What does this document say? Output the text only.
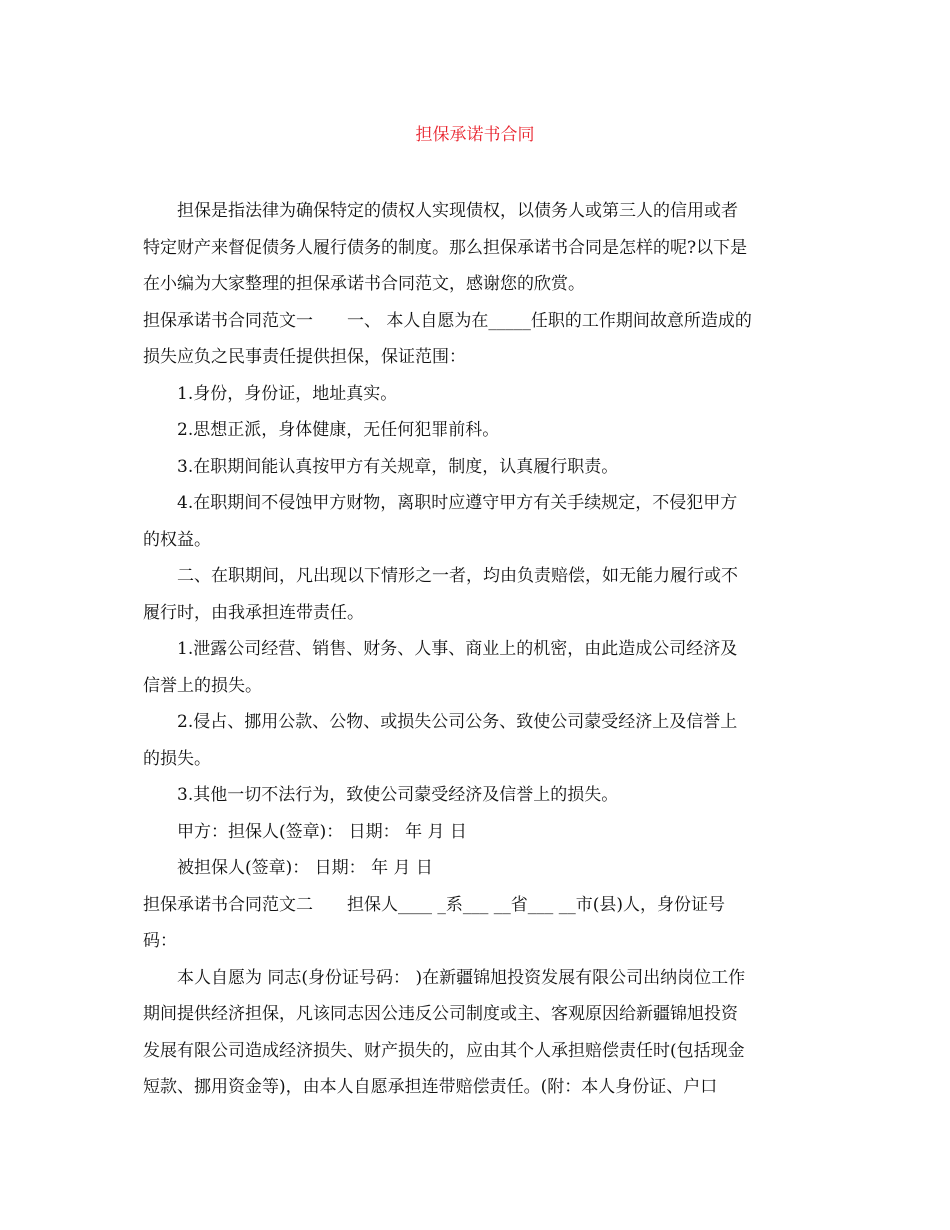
担保承诺书合同

担保是指法律为确保特定的债权人实现债权，以债务人或第三人的信用或者

特定财产来督促债务人履行债务的制度。那么担保承诺书合同是怎样的呢?以下是

在小编为大家整理的担保承诺书合同范文，感谢您的欣赏。

担保承诺书合同范文一　　一、 本人自愿为在_____任职的工作期间故意所造成的

损失应负之民事责任提供担保，保证范围：

1.身份，身份证，地址真实。

2.思想正派，身体健康，无任何犯罪前科。

3.在职期间能认真按甲方有关规章，制度，认真履行职责。

4.在职期间不侵蚀甲方财物，离职时应遵守甲方有关手续规定，不侵犯甲方

的权益。

二、在职期间，凡出现以下情形之一者，均由负责赔偿，如无能力履行或不

履行时，由我承担连带责任。

1.泄露公司经营、销售、财务、人事、商业上的机密，由此造成公司经济及

信誉上的损失。

2.侵占、挪用公款、公物、或损失公司公务、致使公司蒙受经济上及信誉上

的损失。

3.其他一切不法行为，致使公司蒙受经济及信誉上的损失。

甲方：担保人(签章)： 日期： 年 月 日

被担保人(签章)： 日期： 年 月 日

担保承诺书合同范文二　　担保人____ _系___ __省___ __市(县)人，身份证号

码：

本人自愿为 同志(身份证号码： )在新疆锦旭投资发展有限公司出纳岗位工作

期间提供经济担保，凡该同志因公违反公司制度或主、客观原因给新疆锦旭投资

发展有限公司造成经济损失、财产损失的，应由其个人承担赔偿责任时(包括现金

短款、挪用资金等)，由本人自愿承担连带赔偿责任。(附：本人身份证、户口
